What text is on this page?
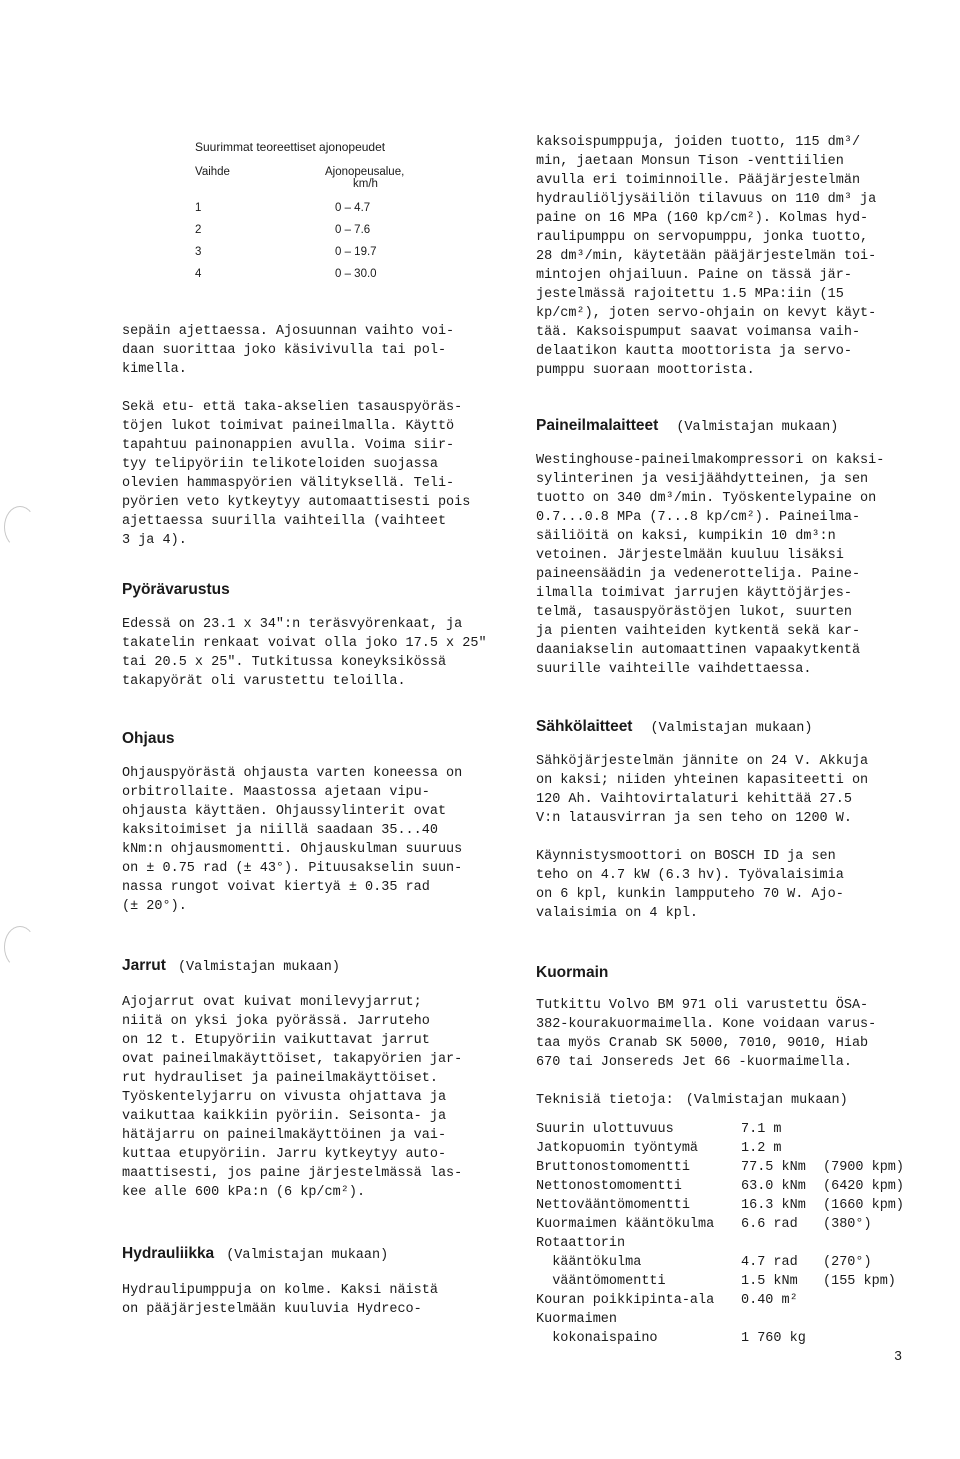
Suurimmat teoreettiset ajonopeudet
Vaihde	Ajonopeusalue,
km/h

1	0 – 4.7
2	0 – 7.6
3	0 – 19.7
4	0 – 30.0
sepäin ajettaessa. Ajosuunnan vaihto voi-
daan suorittaa joko käsivivulla tai pol-
kimella.
Sekä etu- että taka-akselien tasauspyöräs-
töjen lukot toimivat paineilmalla. Käyttö
tapahtuu painonappien avulla. Voima siir-
tyy telipyöriin telikoteloiden suojassa
olevien hammaspyörien välityksellä. Teli-
pyörien veto kytkeytyy automaattisesti pois
ajettaessa suurilla vaihteilla (vaihteet
3 ja 4).
Pyörävarustus
Edessä on 23.1 x 34":n teräsvyörenkaat, ja
takatelin renkaat voivat olla joko 17.5 x 25"
tai 20.5 x 25". Tutkitussa koneyksikössä
takapyörät oli varustettu teloilla.
Ohjaus
Ohjauspyörästä ohjausta varten koneessa on
orbitrollaite. Maastossa ajetaan vipu-
ohjausta käyttäen. Ohjaussylinterit ovat
kaksitoimiset ja niillä saadaan 35...40
kNm:n ohjausmomentti. Ohjauskulman suuruus
on ± 0.75 rad (± 43°). Pituusakselin suun-
nassa rungot voivat kiertyä ± 0.35 rad
(± 20°).
Jarrut (Valmistajan mukaan)
Ajojarrut ovat kuivat monilevyjarrut;
niitä on yksi joka pyörässä. Jarruteho
on 12 t. Etupyöriin vaikuttavat jarrut
ovat paineilmakäyttöiset, takapyörien jar-
rut hydrauliset ja paineilmakäyttöiset.
Työskentelyjarru on vivusta ohjattava ja
vaikuttaa kaikkiin pyöriin. Seisonta- ja
hätäjarru on paineilmakäyttöinen ja vai-
kuttaa etupyöriin. Jarru kytkeytyy auto-
maattisesti, jos paine järjestelmässä las-
kee alle 600 kPa:n (6 kp/cm²).
Hydrauliikka (Valmistajan mukaan)
Hydraulipumppuja on kolme. Kaksi näistä
on pääjärjestelmään kuuluvia Hydreco-
kaksoispumppuja, joiden tuotto, 115 dm³/
min, jaetaan Monsun Tison -venttiilien
avulla eri toiminnoille. Pääjärjestelmän
hydrauliöljysäiliön tilavuus on 110 dm³ ja
paine on 16 MPa (160 kp/cm²). Kolmas hyd-
raulipumppu on servopumppu, jonka tuotto,
28 dm³/min, käytetään pääjärjestelmän toi-
mintojen ohjailuun. Paine on tässä jär-
jestelmässä rajoitettu 1.5 MPa:iin (15
kp/cm²), joten servo-ohjain on kevyt käyt-
tää. Kaksoispumput saavat voimansa vaih-
delaatikon kautta moottorista ja servo-
pumppu suoraan moottorista.
Paineilmalaitteet (Valmistajan mukaan)
Westinghouse-paineilmakompressori on kaksi-
sylinterinen ja vesijäähdytteinen, ja sen
tuotto on 340 dm³/min. Työskentelypaine on
0.7...0.8 MPa (7...8 kp/cm²). Paineilma-
säiliöitä on kaksi, kumpikin 10 dm³:n
vetoinen. Järjestelmään kuuluu lisäksi
paineensäädin ja vedenerottelija. Paine-
ilmalla toimivat jarrujen käyttöjärjes-
telmä, tasauspyörästöjen lukot, suurten
ja pienten vaihteiden kytkentä sekä kar-
daaniakselin automaattinen vapaakytkentä
suurille vaihteille vaihdettaessa.
Sähkölaitteet (Valmistajan mukaan)
Sähköjärjestelmän jännite on 24 V. Akkuja
on kaksi; niiden yhteinen kapasiteetti on
120 Ah. Vaihtovirtalaturi kehittää 27.5
V:n latausvirran ja sen teho on 1200 W.
Käynnistysmoottori on BOSCH ID ja sen
teho on 4.7 kW (6.3 hv). Työvalaisimia
on 6 kpl, kunkin lampputeho 70 W. Ajo-
valaisimia on 4 kpl.
Kuormain
Tutkittu Volvo BM 971 oli varustettu ÖSA-
382-kourakuormaimella. Kone voidaan varus-
taa myös Cranab SK 5000, 7010, 9010, Hiab
670 tai Jonsereds Jet 66 -kuormaimella.
Teknisiä tietoja: (Valmistajan mukaan)
Suurin ulottuvuus	7.1 m	
Jatkopuomin työntymä	1.2 m	
Bruttonostomomentti	77.5 kNm	(7900 kpm)
Nettonostomomentti	63.0 kNm	(6420 kpm)
Nettovääntömomentti	16.3 kNm	(1660 kpm)
Kuormaimen kääntökulma	6.6 rad	(380°)
Rotaattorin		
kääntökulma	4.7 rad	(270°)
vääntömomentti	1.5 kNm	(155 kpm)
Kouran poikkipinta-ala	0.40 m²	
Kuormaimen		
kokonaispaino	1 760 kg	
3
